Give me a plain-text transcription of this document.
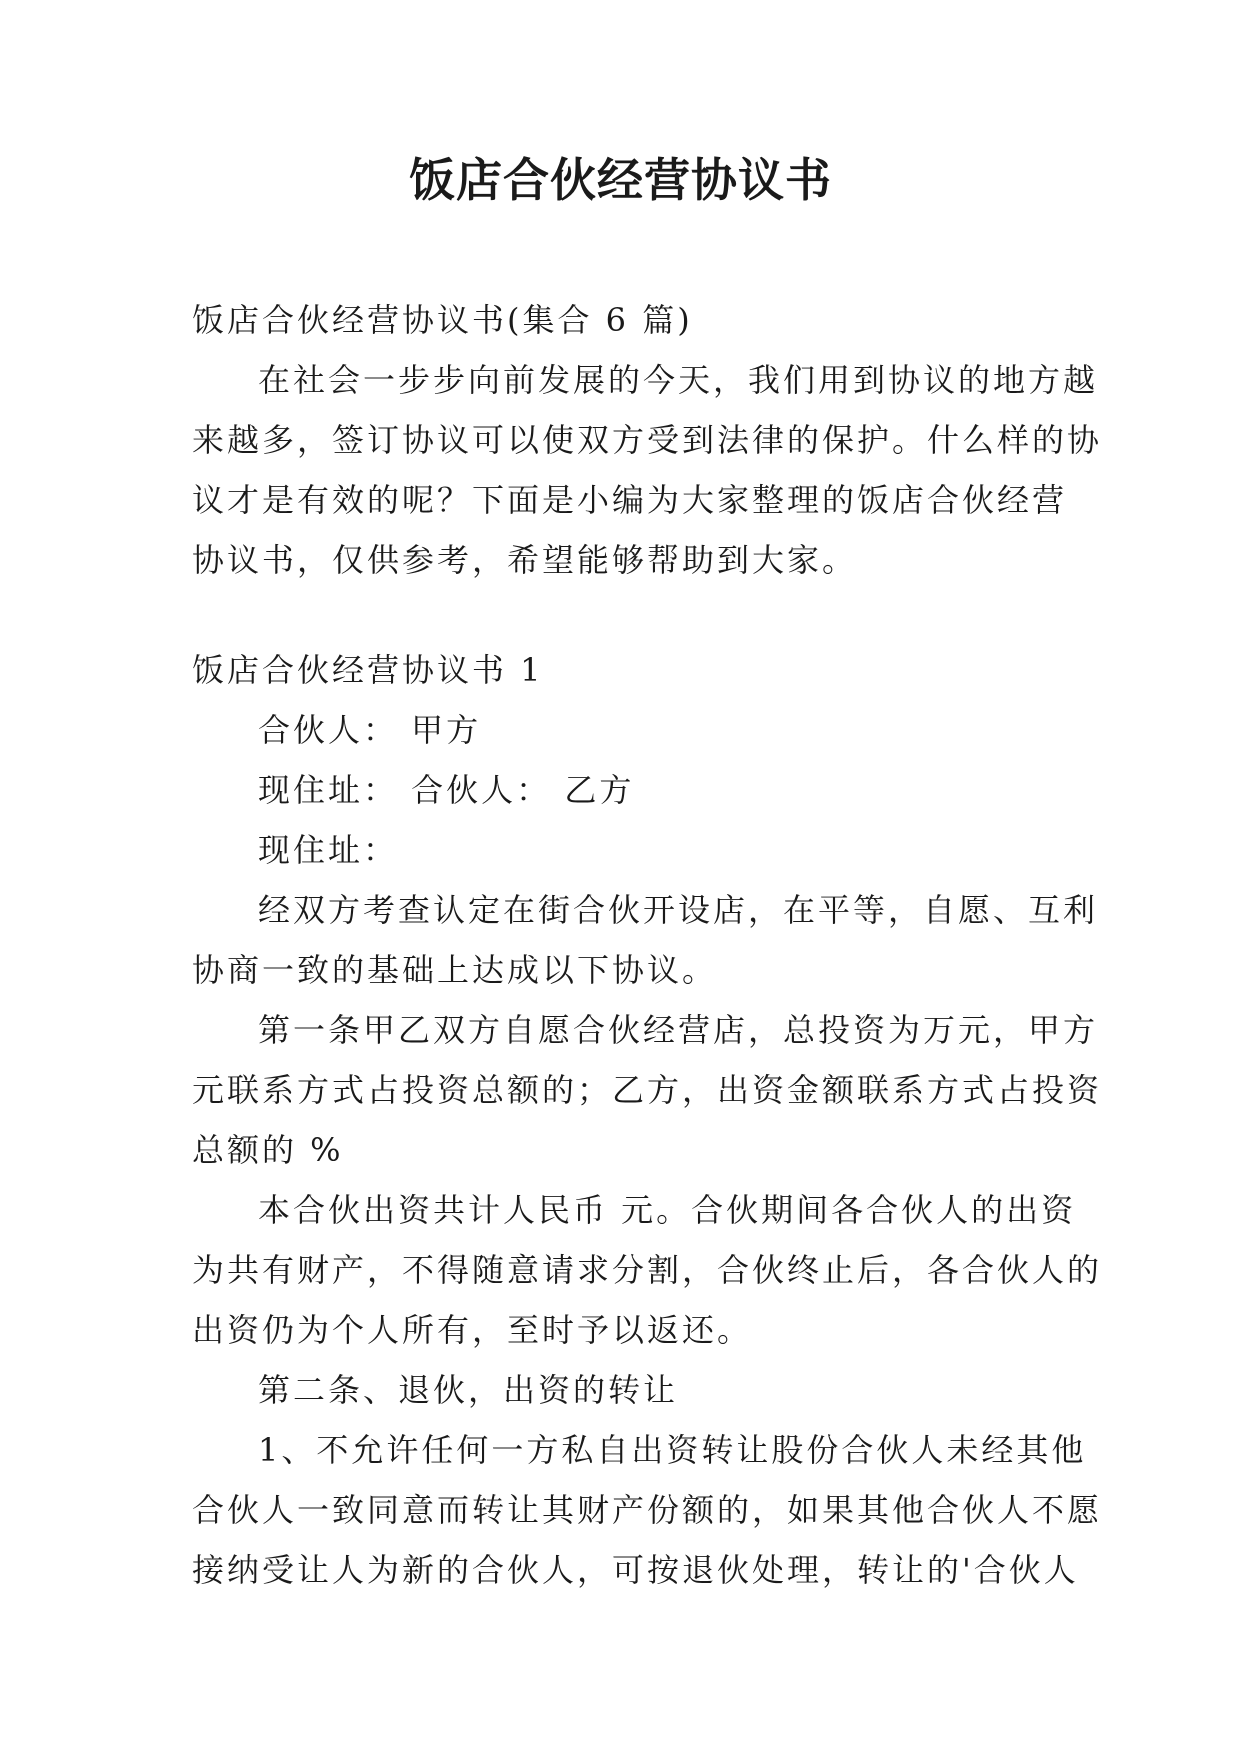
饭店合伙经营协议书
饭店合伙经营协议书(集合 6 篇)
在社会一步步向前发展的今天，我们用到协议的地方越
来越多，签订协议可以使双方受到法律的保护。什么样的协
议才是有效的呢？下面是小编为大家整理的饭店合伙经营
协议书，仅供参考，希望能够帮助到大家。
饭店合伙经营协议书 1
合伙人： 甲方
现住址： 合伙人： 乙方
现住址：
经双方考查认定在街合伙开设店，在平等，自愿、互利
协商一致的基础上达成以下协议。
第一条甲乙双方自愿合伙经营店，总投资为万元，甲方
元联系方式占投资总额的；乙方，出资金额联系方式占投资
总额的 %
本合伙出资共计人民币 元。合伙期间各合伙人的出资
为共有财产，不得随意请求分割，合伙终止后，各合伙人的
出资仍为个人所有，至时予以返还。
第二条、退伙，出资的转让
1、不允许任何一方私自出资转让股份合伙人未经其他
合伙人一致同意而转让其财产份额的，如果其他合伙人不愿
接纳受让人为新的合伙人，可按退伙处理，转让的'合伙人
